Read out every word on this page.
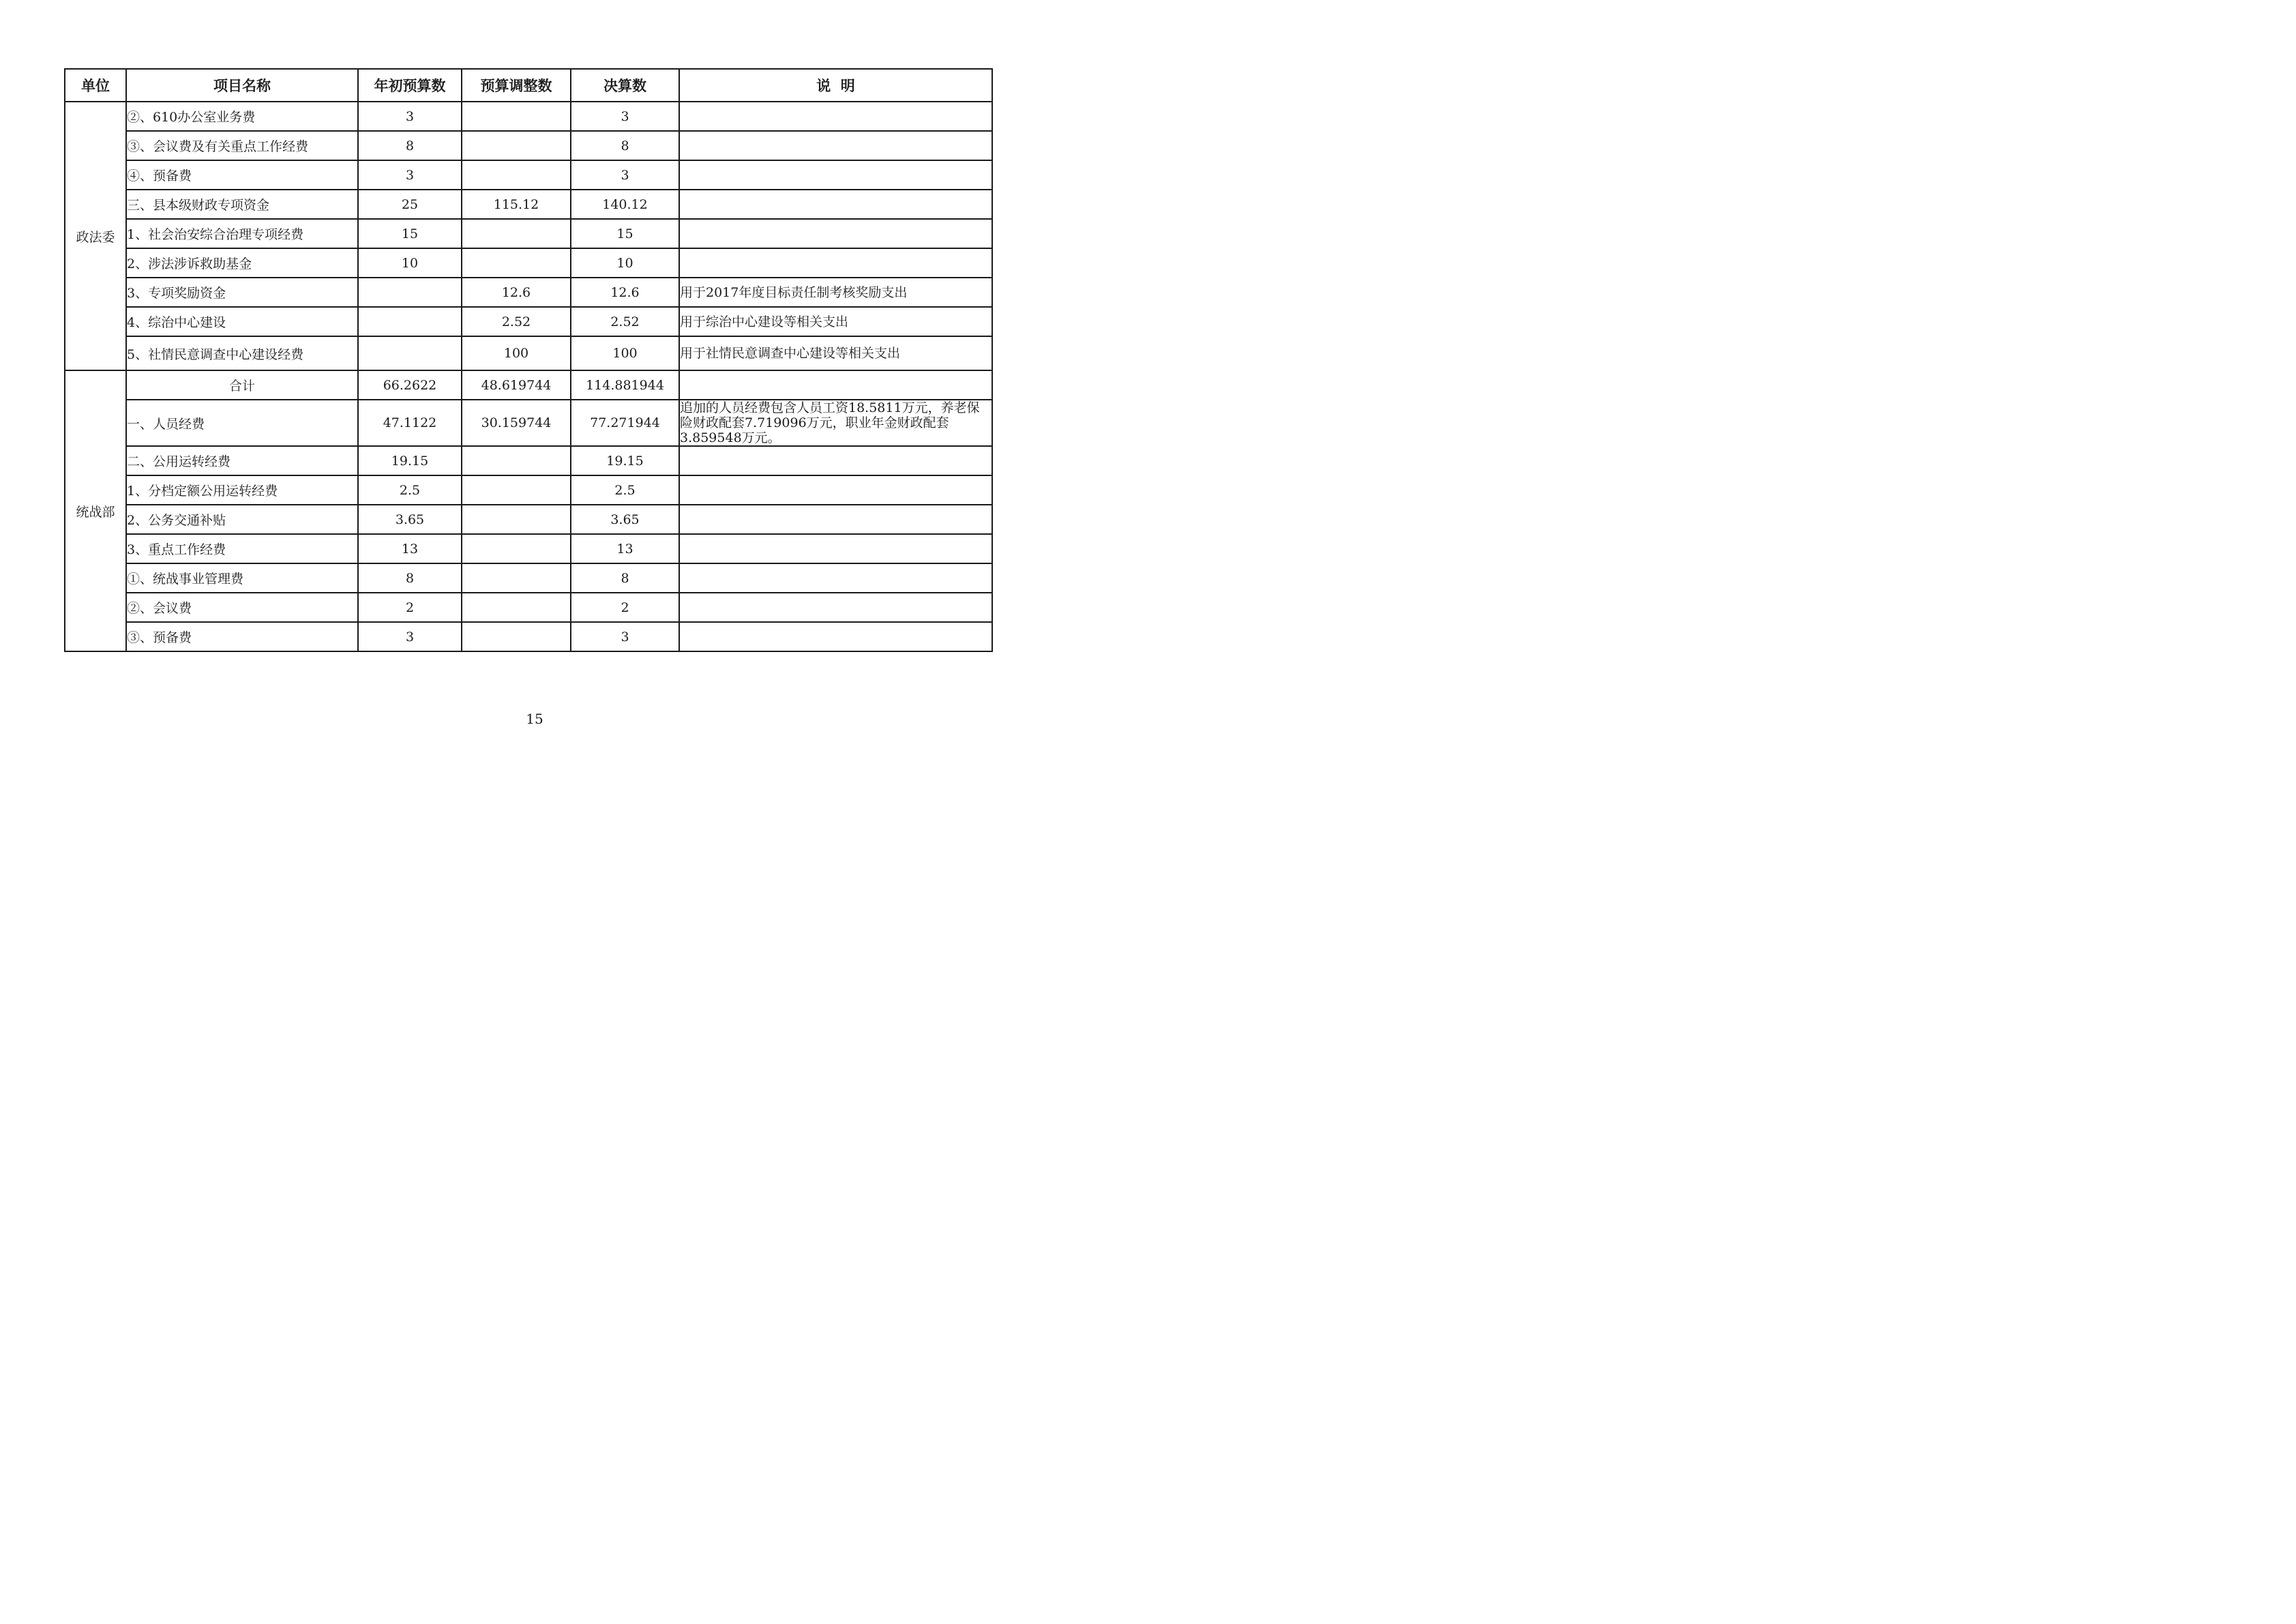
单位	项目名称	年初预算数	预算调整数	决算数	说  明
政法委	②、610办公室业务费	3		3	
	③、会议费及有关重点工作经费	8		8	
	④、预备费	3		3	
	三、县本级财政专项资金	25	115.12	140.12	
	1、社会治安综合治理专项经费	15		15	
	2、涉法涉诉救助基金	10		10	
	3、专项奖励资金		12.6	12.6	用于2017年度目标责任制考核奖励支出
	4、综治中心建设		2.52	2.52	用于综治中心建设等相关支出
	5、社情民意调查中心建设经费		100	100	用于社情民意调查中心建设等相关支出
统战部	合计	66.2622	48.619744	114.881944	
	一、人员经费	47.1122	30.159744	77.271944	追加的人员经费包含人员工资18.5811万元，养老保险财政配套7.719096万元，职业年金财政配套3.859548万元。
	二、公用运转经费	19.15		19.15	
	1、分档定额公用运转经费	2.5		2.5	
	2、公务交通补贴	3.65		3.65	
	3、重点工作经费	13		13	
	①、统战事业管理费	8		8	
	②、会议费	2		2	
	③、预备费	3		3	
15
